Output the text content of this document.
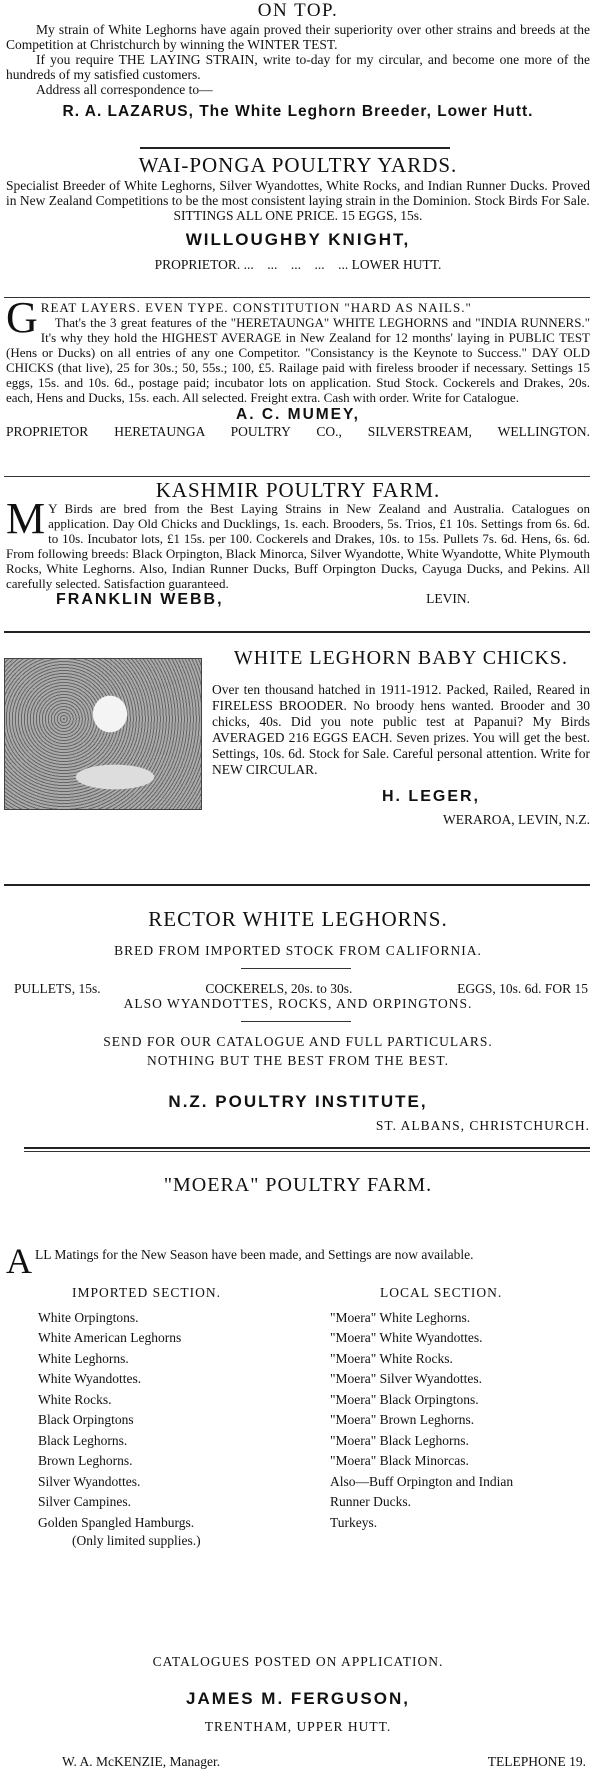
ON TOP.
My strain of White Leghorns have again proved their superiority over other strains and breeds at the Competition at Christchurch by winning the WINTER TEST.
If you require THE LAYING STRAIN, write to-day for my circular, and become one more of the hundreds of my satisfied customers.
Address all correspondence to—
R. A. LAZARUS, The White Leghorn Breeder, Lower Hutt.
WAI-PONGA POULTRY YARDS.
Specialist Breeder of White Leghorns, Silver Wyandottes, White Rocks, and Indian Runner Ducks. Proved in New Zealand Competitions to be the most consistent laying strain in the Dominion. Stock Birds For Sale.
SITTINGS ALL ONE PRICE. 15 EGGS, 15s.
WILLOUGHBY KNIGHT,
PROPRIETOR. ...    ...    ...    ...    ... LOWER HUTT.
G REAT LAYERS. EVEN TYPE. CONSTITUTION "HARD AS NAILS."
That's the 3 great features of the "HERETAUNGA" WHITE LEGHORNS and "INDIA RUNNERS." It's why they hold the HIGHEST AVERAGE in New Zealand for 12 months' laying in PUBLIC TEST (Hens or Ducks) on all entries of any one Competitor. "Consistancy is the Keynote to Success." DAY OLD CHICKS (that live), 25 for 30s.; 50, 55s.; 100, £5. Railage paid with fireless brooder if necessary. Settings 15 eggs, 15s. and 10s. 6d., postage paid; incubator lots on application. Stud Stock. Cockerels and Drakes, 20s. each, Hens and Ducks, 15s. each. All selected. Freight extra. Cash with order. Write for Catalogue.
A. C. MUMEY,
PROPRIETOR HERETAUNGA POULTRY CO., SILVERSTREAM, WELLINGTON.
KASHMIR POULTRY FARM.
M Y Birds are bred from the Best Laying Strains in New Zealand and Australia. Catalogues on application. Day Old Chicks and Ducklings, 1s. each. Brooders, 5s. Trios, £1 10s. Settings from 6s. 6d. to 10s. Incubator lots, £1 15s. per 100. Cockerels and Drakes, 10s. to 15s. Pullets 7s. 6d. Hens, 6s. 6d. From following breeds: Black Orpington, Black Minorca, Silver Wyandotte, White Wyandotte, White Plymouth Rocks, White Leghorns. Also, Indian Runner Ducks, Buff Orpington Ducks, Cayuga Ducks, and Pekins. All carefully selected. Satisfaction guaranteed.
FRANKLIN WEBB,	LEVIN.
WHITE LEGHORN BABY CHICKS.
Over ten thousand hatched in 1911-1912. Packed, Railed, Reared in FIRELESS BROODER. No broody hens wanted. Brooder and 30 chicks, 40s. Did you note public test at Papanui? My Birds AVERAGED 216 EGGS EACH. Seven prizes. You will get the best. Settings, 10s. 6d. Stock for Sale. Careful personal attention. Write for NEW CIRCULAR.
H. LEGER,
WERAROA, LEVIN, N.Z.
RECTOR WHITE LEGHORNS.
BRED FROM IMPORTED STOCK FROM CALIFORNIA.
PULLETS, 15s.	COCKERELS, 20s. to 30s.	EGGS, 10s. 6d. FOR 15
ALSO WYANDOTTES, ROCKS, AND ORPINGTONS.
SEND FOR OUR CATALOGUE AND FULL PARTICULARS.
NOTHING BUT THE BEST FROM THE BEST.
N.Z. POULTRY INSTITUTE,
ST. ALBANS, CHRISTCHURCH.
"MOERA" POULTRY FARM.
A LL Matings for the New Season have been made, and Settings are now available.
IMPORTED SECTION.
White Orpingtons.
White American Leghorns
White Leghorns.
White Wyandottes.
White Rocks.
Black Orpingtons
Black Leghorns.
Brown Leghorns.
Silver Wyandottes.
Silver Campines.
Golden Spangled Hamburgs.
(Only limited supplies.)
LOCAL SECTION.
"Moera" White Leghorns.
"Moera" White Wyandottes.
"Moera" White Rocks.
"Moera" Silver Wyandottes.
"Moera" Black Orpingtons.
"Moera" Brown Leghorns.
"Moera" Black Leghorns.
"Moera" Black Minorcas.
Also—Buff Orpington and Indian
Runner Ducks.
Turkeys.
CATALOGUES POSTED ON APPLICATION.
JAMES M. FERGUSON,
TRENTHAM, UPPER HUTT.
W. A. McKENZIE, Manager.	TELEPHONE 19.
